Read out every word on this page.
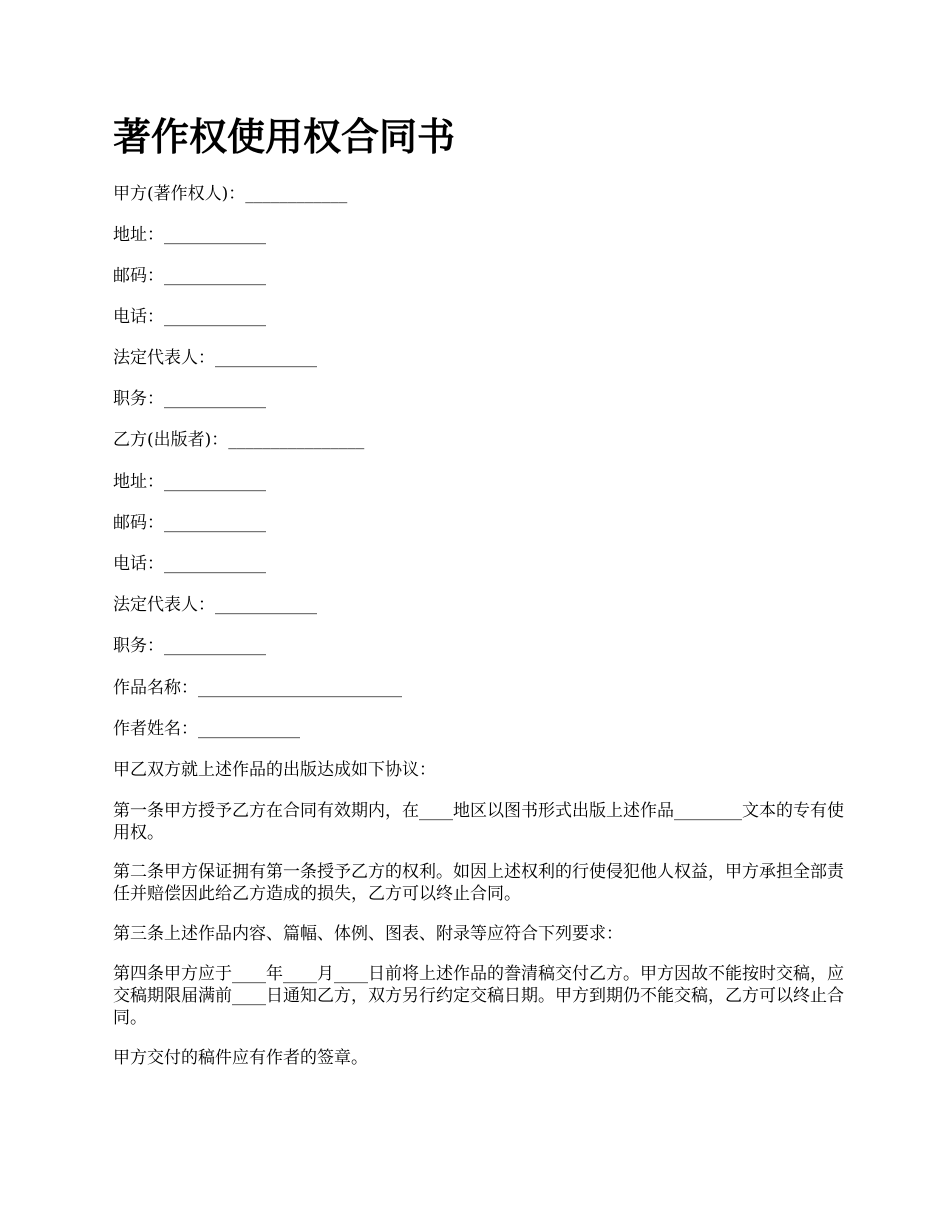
著作权使用权合同书
甲方(著作权人)：____________
地址：____________
邮码：____________
电话：____________
法定代表人：____________
职务：____________
乙方(出版者)：________________
地址：____________
邮码：____________
电话：____________
法定代表人：____________
职务：____________
作品名称：________________________
作者姓名：____________
甲乙双方就上述作品的出版达成如下协议：
第一条甲方授予乙方在合同有效期内，在____地区以图书形式出版上述作品________文本的专有使用权。
第二条甲方保证拥有第一条授予乙方的权利。如因上述权利的行使侵犯他人权益，甲方承担全部责任并赔偿因此给乙方造成的损失，乙方可以终止合同。
第三条上述作品内容、篇幅、体例、图表、附录等应符合下列要求：
第四条甲方应于____年____月____日前将上述作品的誊清稿交付乙方。甲方因故不能按时交稿，应交稿期限届满前____日通知乙方，双方另行约定交稿日期。甲方到期仍不能交稿，乙方可以终止合同。
甲方交付的稿件应有作者的签章。
